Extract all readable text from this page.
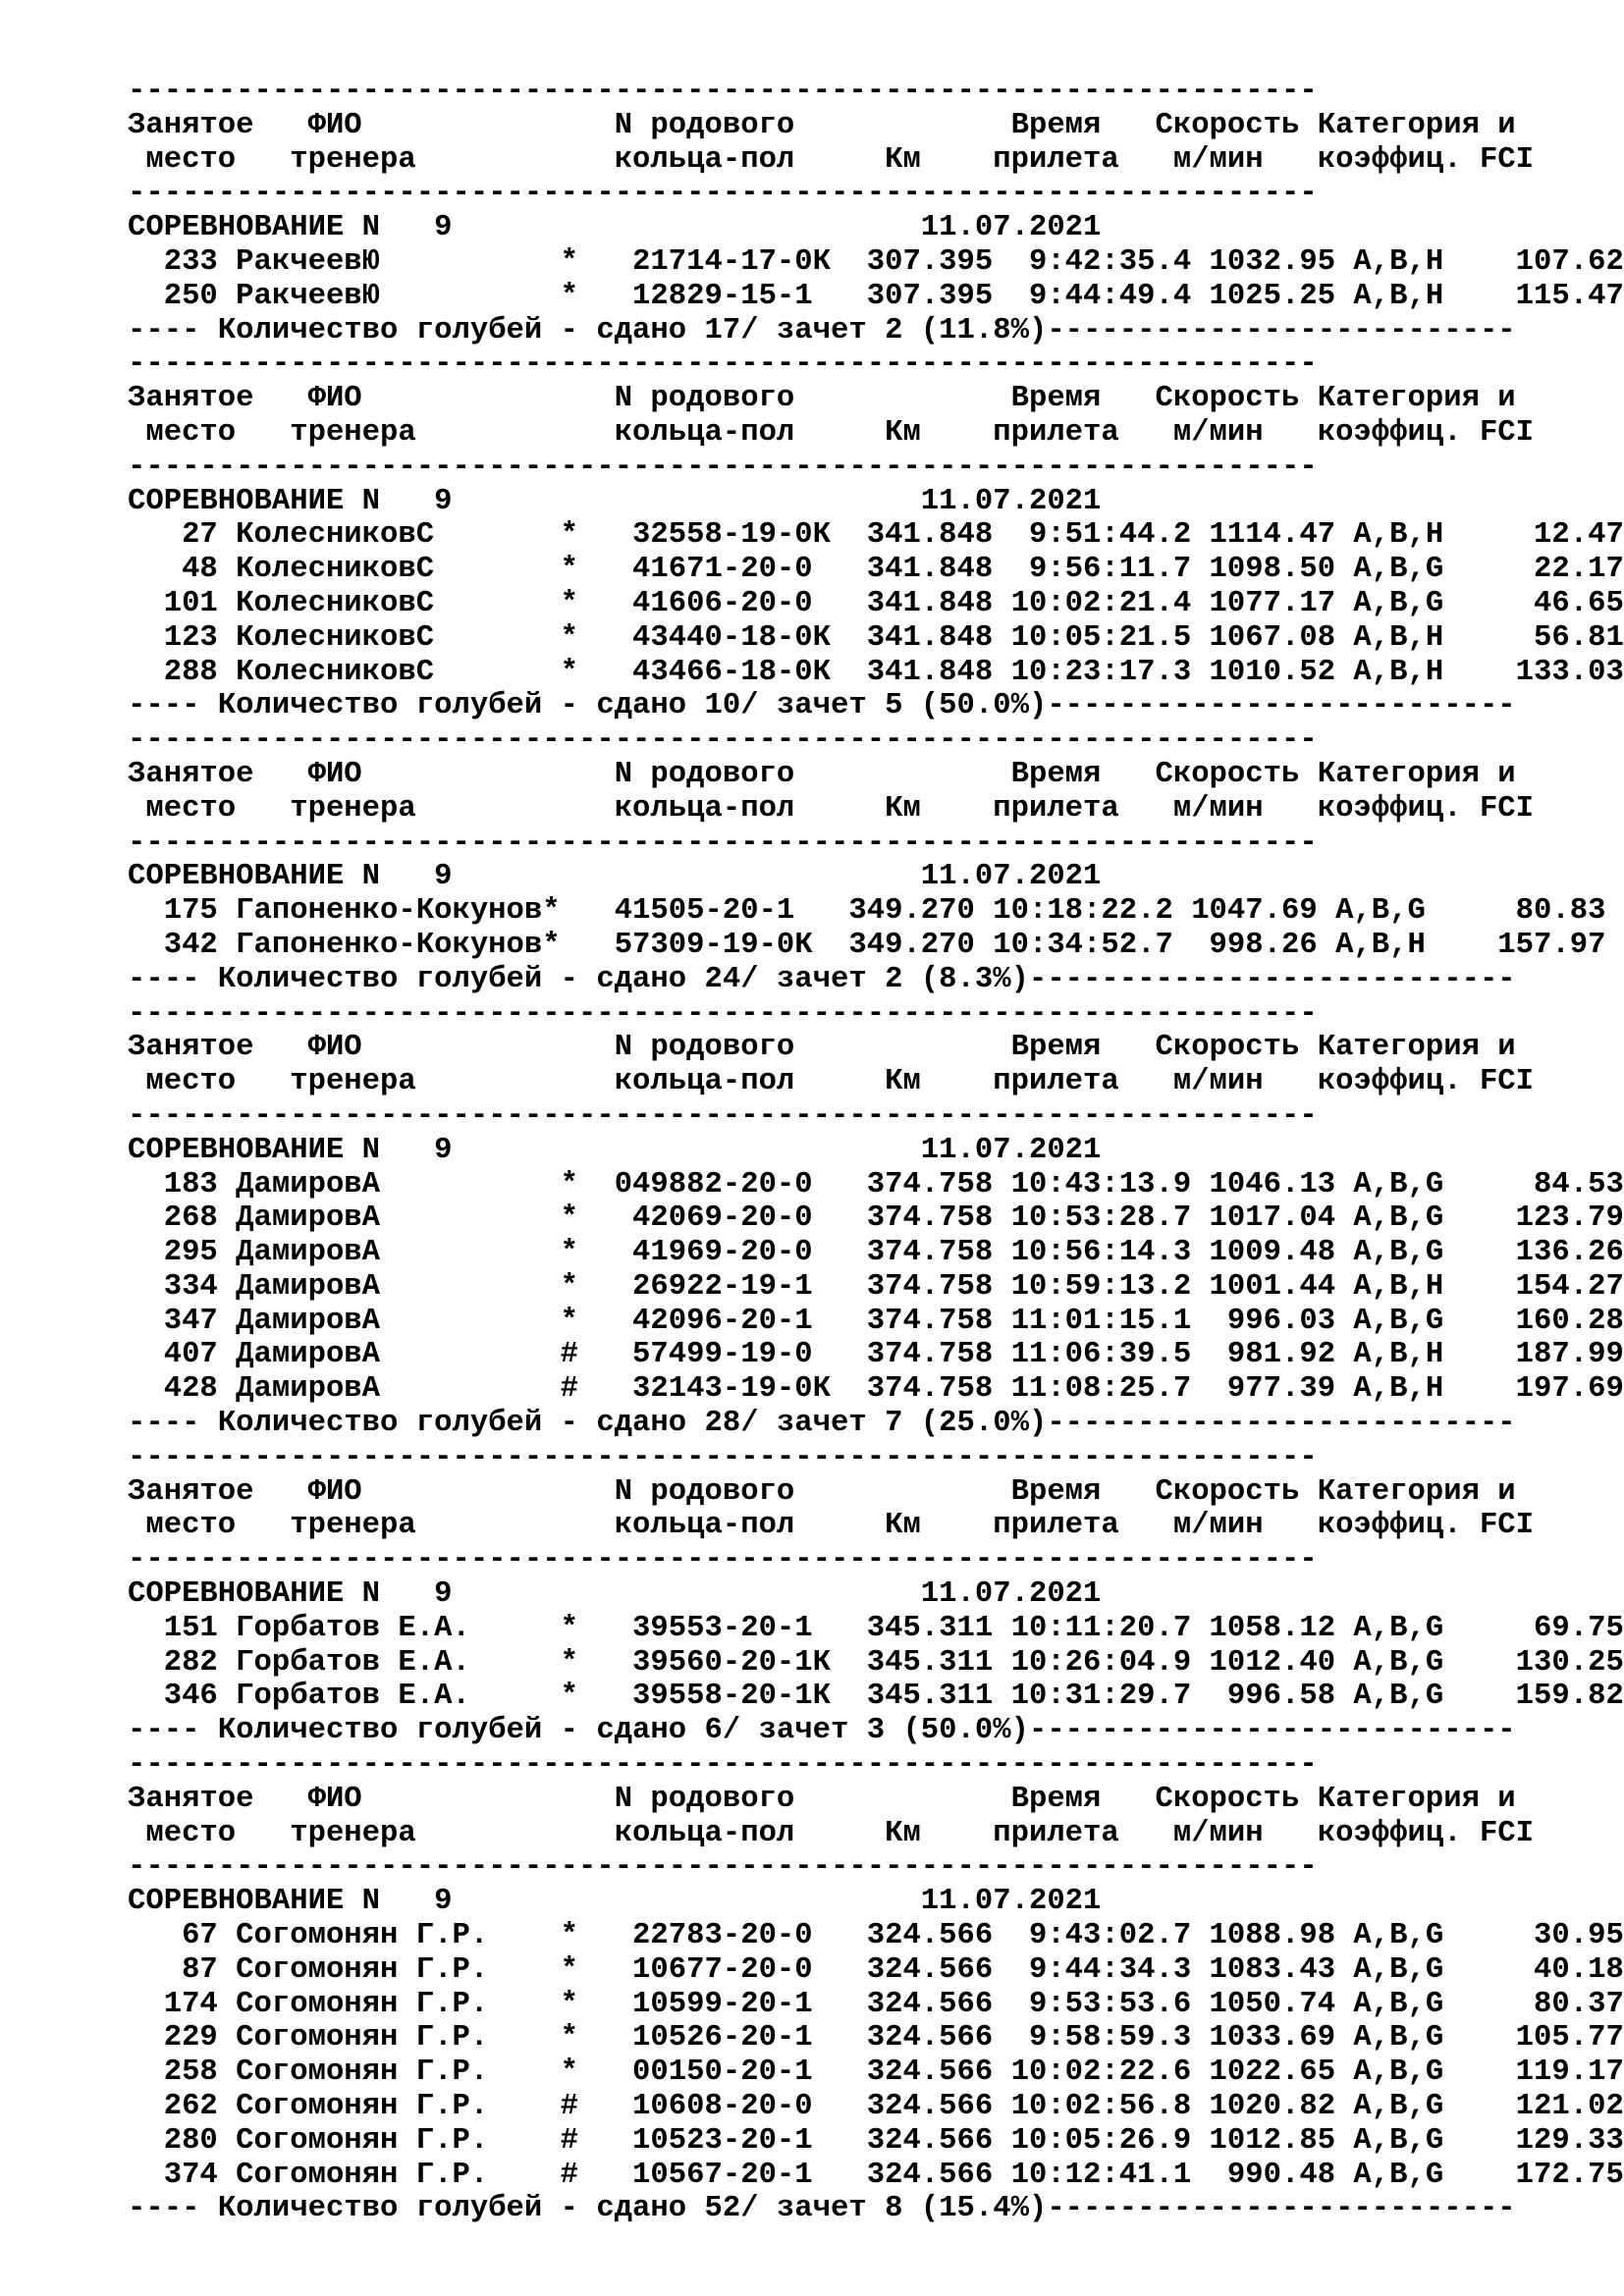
------------------------------------------------------------------
Занятое   ФИО              N родового            Время   Скорость Категория и
место   тренера           кольца-пол     Км    прилета   м/мин   коэффиц. FCI
------------------------------------------------------------------
СОРЕВНОВАНИЕ N   9                          11.07.2021
233 РакчеевЮ          *   21714-17-0К  307.395  9:42:35.4 1032.95 A,B,H    107.62
250 РакчеевЮ          *   12829-15-1   307.395  9:44:49.4 1025.25 A,B,H    115.47
---- Количество голубей - сдано 17/ зачет 2 (11.8%)--------------------------
------------------------------------------------------------------
Занятое   ФИО              N родового            Время   Скорость Категория и
место   тренера           кольца-пол     Км    прилета   м/мин   коэффиц. FCI
------------------------------------------------------------------
СОРЕВНОВАНИЕ N   9                          11.07.2021
27 КолесниковС       *   32558-19-0К  341.848  9:51:44.2 1114.47 A,B,H     12.47
48 КолесниковС       *   41671-20-0   341.848  9:56:11.7 1098.50 A,B,G     22.17
101 КолесниковС       *   41606-20-0   341.848 10:02:21.4 1077.17 A,B,G     46.65
123 КолесниковС       *   43440-18-0К  341.848 10:05:21.5 1067.08 A,B,H     56.81
288 КолесниковС       *   43466-18-0К  341.848 10:23:17.3 1010.52 A,B,H    133.03
---- Количество голубей - сдано 10/ зачет 5 (50.0%)--------------------------
------------------------------------------------------------------
Занятое   ФИО              N родового            Время   Скорость Категория и
место   тренера           кольца-пол     Км    прилета   м/мин   коэффиц. FCI
------------------------------------------------------------------
СОРЕВНОВАНИЕ N   9                          11.07.2021
175 Гапоненко-Кокунов*   41505-20-1   349.270 10:18:22.2 1047.69 A,B,G     80.83
342 Гапоненко-Кокунов*   57309-19-0К  349.270 10:34:52.7  998.26 A,B,H    157.97
---- Количество голубей - сдано 24/ зачет 2 (8.3%)---------------------------
------------------------------------------------------------------
Занятое   ФИО              N родового            Время   Скорость Категория и
место   тренера           кольца-пол     Км    прилета   м/мин   коэффиц. FCI
------------------------------------------------------------------
СОРЕВНОВАНИЕ N   9                          11.07.2021
183 ДамировА          *  049882-20-0   374.758 10:43:13.9 1046.13 A,B,G     84.53
268 ДамировА          *   42069-20-0   374.758 10:53:28.7 1017.04 A,B,G    123.79
295 ДамировА          *   41969-20-0   374.758 10:56:14.3 1009.48 A,B,G    136.26
334 ДамировА          *   26922-19-1   374.758 10:59:13.2 1001.44 A,B,H    154.27
347 ДамировА          *   42096-20-1   374.758 11:01:15.1  996.03 A,B,G    160.28
407 ДамировА          #   57499-19-0   374.758 11:06:39.5  981.92 A,B,H    187.99
428 ДамировА          #   32143-19-0К  374.758 11:08:25.7  977.39 A,B,H    197.69
---- Количество голубей - сдано 28/ зачет 7 (25.0%)--------------------------
------------------------------------------------------------------
Занятое   ФИО              N родового            Время   Скорость Категория и
место   тренера           кольца-пол     Км    прилета   м/мин   коэффиц. FCI
------------------------------------------------------------------
СОРЕВНОВАНИЕ N   9                          11.07.2021
151 Горбатов Е.А.     *   39553-20-1   345.311 10:11:20.7 1058.12 A,B,G     69.75
282 Горбатов Е.А.     *   39560-20-1К  345.311 10:26:04.9 1012.40 A,B,G    130.25
346 Горбатов Е.А.     *   39558-20-1К  345.311 10:31:29.7  996.58 A,B,G    159.82
---- Количество голубей - сдано 6/ зачет 3 (50.0%)---------------------------
------------------------------------------------------------------
Занятое   ФИО              N родового            Время   Скорость Категория и
место   тренера           кольца-пол     Км    прилета   м/мин   коэффиц. FCI
------------------------------------------------------------------
СОРЕВНОВАНИЕ N   9                          11.07.2021
67 Согомонян Г.Р.    *   22783-20-0   324.566  9:43:02.7 1088.98 A,B,G     30.95
87 Согомонян Г.Р.    *   10677-20-0   324.566  9:44:34.3 1083.43 A,B,G     40.18
174 Согомонян Г.Р.    *   10599-20-1   324.566  9:53:53.6 1050.74 A,B,G     80.37
229 Согомонян Г.Р.    *   10526-20-1   324.566  9:58:59.3 1033.69 A,B,G    105.77
258 Согомонян Г.Р.    *   00150-20-1   324.566 10:02:22.6 1022.65 A,B,G    119.17
262 Согомонян Г.Р.    #   10608-20-0   324.566 10:02:56.8 1020.82 A,B,G    121.02
280 Согомонян Г.Р.    #   10523-20-1   324.566 10:05:26.9 1012.85 A,B,G    129.33
374 Согомонян Г.Р.    #   10567-20-1   324.566 10:12:41.1  990.48 A,B,G    172.75
---- Количество голубей - сдано 52/ зачет 8 (15.4%)--------------------------
